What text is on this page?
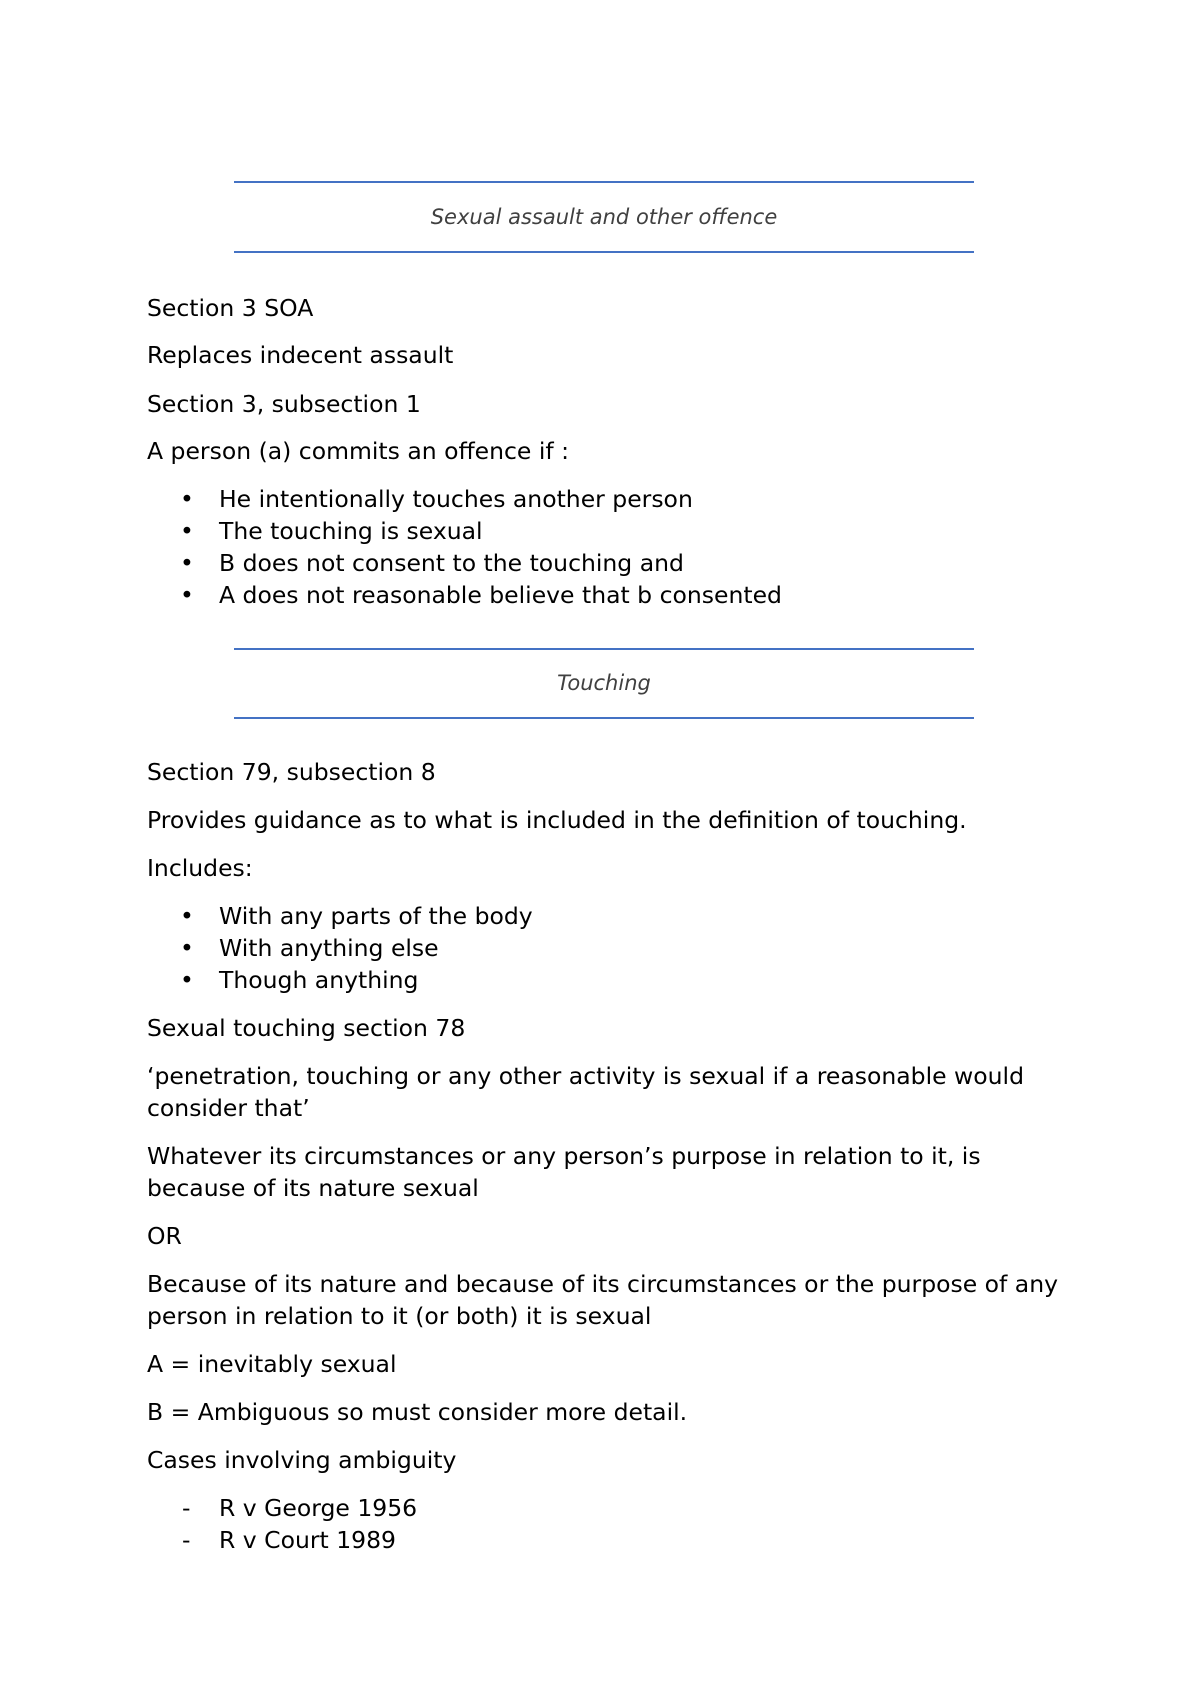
Sexual assault and other offence

Section 3 SOA

Replaces indecent assault

Section 3, subsection 1

A person (a) commits an offence if :

• He intentionally touches another person
• The touching is sexual
• B does not consent to the touching and
• A does not reasonable believe that b consented
Touching

Section 79, subsection 8

Provides guidance as to what is included in the definition of touching.

Includes:

• With any parts of the body
• With anything else
• Though anything

Sexual touching section 78

‘penetration, touching or any other activity is sexual if a reasonable would consider that’

Whatever its circumstances or any person’s purpose in relation to it, is because of its nature sexual

OR

Because of its nature and because of its circumstances or the purpose of any person in relation to it (or both) it is sexual

A = inevitably sexual

B = Ambiguous so must consider more detail.

Cases involving ambiguity

-	R v George 1956
-	R v Court 1989
